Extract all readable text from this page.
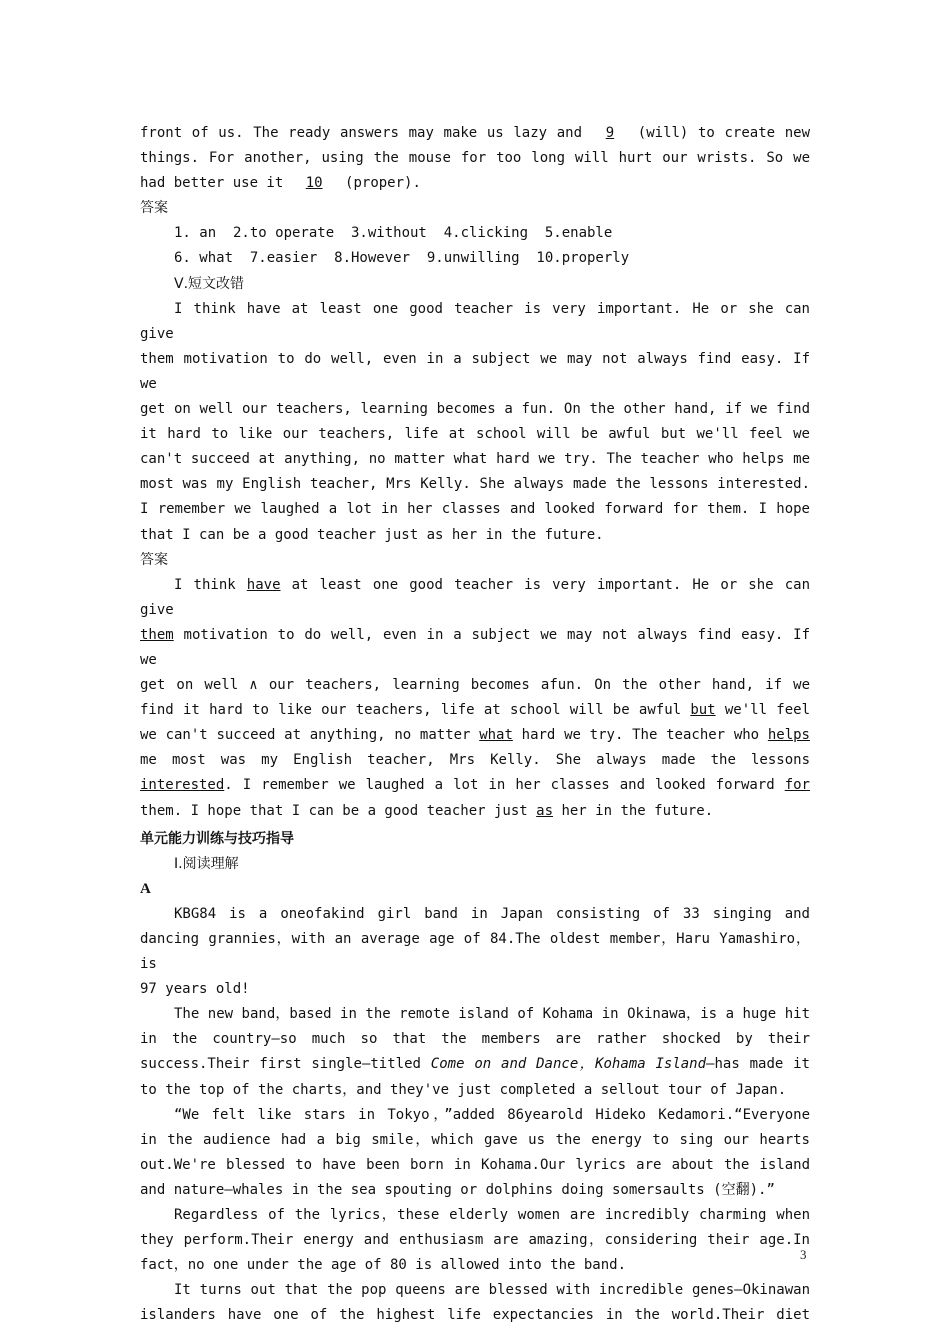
front of us. The ready answers may make us lazy and 9 (will) to create new
things. For another, using the mouse for too long will hurt our wrists. So we
had better use it 10 (proper).
答案
1. an  2.to operate  3.without  4.clicking  5.enable
6. what  7.easier  8.However  9.unwilling  10.properly
Ⅴ.短文改错
I think have at least one good teacher is very important. He or she can give
them motivation to do well, even in a subject we may not always find easy. If we
get on well our teachers, learning becomes a fun. On the other hand, if we find
it hard to like our teachers, life at school will be awful but we'll feel we
can't succeed at anything, no matter what hard we try. The teacher who helps me
most was my English teacher, Mrs Kelly. She always made the lessons interested.
I remember we laughed a lot in her classes and looked forward for them. I hope
that I can be a good teacher just as her in the future.
答案
I think have at least one good teacher is very important. He or she can give
them motivation to do well, even in a subject we may not always find easy. If we
get on well ∧ our teachers, learning becomes afun. On the other hand, if we
find it hard to like our teachers, life at school will be awful but we'll feel
we can't succeed at anything, no matter what hard we try. The teacher who helps
me most was my English teacher, Mrs Kelly. She always made the lessons
interested. I remember we laughed a lot in her classes and looked forward for
them. I hope that I can be a good teacher just as her in the future.
单元能力训练与技巧指导
Ⅰ.阅读理解
A
KBG84 is a oneofakind girl band in Japan consisting of 33 singing and
dancing grannies，with an average age of 84.The oldest member，Haru Yamashiro，is
97 years old!
The new band，based in the remote island of Kohama in Okinawa，is a huge hit
in the country—so much so that the members are rather shocked by their
success.Their first single—titled Come on and Dance，Kohama Island—has made it
to the top of the charts，and they've just completed a sellout tour of Japan.
“We felt like stars in Tokyo，”added 86yearold Hideko Kedamori.“Everyone
in the audience had a big smile，which gave us the energy to sing our hearts
out.We're blessed to have been born in Kohama.Our lyrics are about the island
and nature—whales in the sea spouting or dolphins doing somersaults (空翻).”
Regardless of the lyrics，these elderly women are incredibly charming when
they perform.Their energy and enthusiasm are amazing，considering their age.In
fact，no one under the age of 80 is allowed into the band.
It turns out that the pop queens are blessed with incredible genes—Okinawan
islanders have one of the highest life expectancies in the world.Their diet
3
